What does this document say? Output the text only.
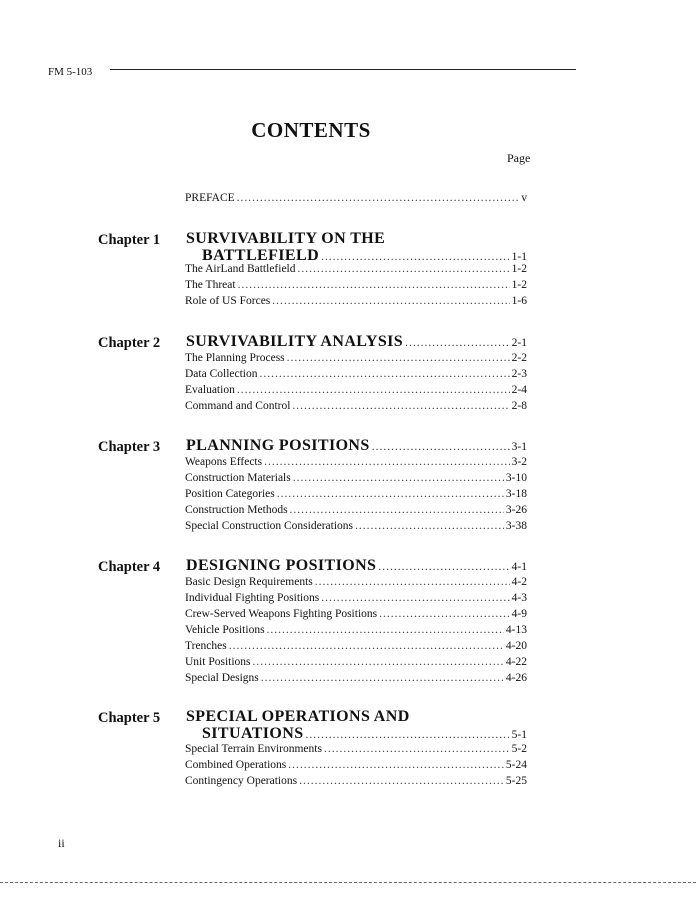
FM 5-103
CONTENTS
Page
PREFACE .....	v
Chapter 1 SURVIVABILITY ON THE
BATTLEFIELD .....	1-1
The AirLand Battlefield .....	1-2
The Threat .....	1-2
Role of US Forces .....	1-6
Chapter 2 SURVIVABILITY ANALYSIS .....	2-1
The Planning Process .....	2-2
Data Collection .....	2-3
Evaluation .....	2-4
Command and Control .....	2-8
Chapter 3 PLANNING POSITIONS .....	3-1
Weapons Effects .....	3-2
Construction Materials .....	3-10
Position Categories .....	3-18
Construction Methods .....	3-26
Special Construction Considerations .....	3-38
Chapter 4 DESIGNING POSITIONS .....	4-1
Basic Design Requirements .....	4-2
Individual Fighting Positions .....	4-3
Crew-Served Weapons Fighting Positions .....	4-9
Vehicle Positions .....	4-13
Trenches .....	4-20
Unit Positions .....	4-22
Special Designs .....	4-26
Chapter 5 SPECIAL OPERATIONS AND
SITUATIONS .....	5-1
Special Terrain Environments .....	5-2
Combined Operations .....	5-24
Contingency Operations .....	5-25
ii
